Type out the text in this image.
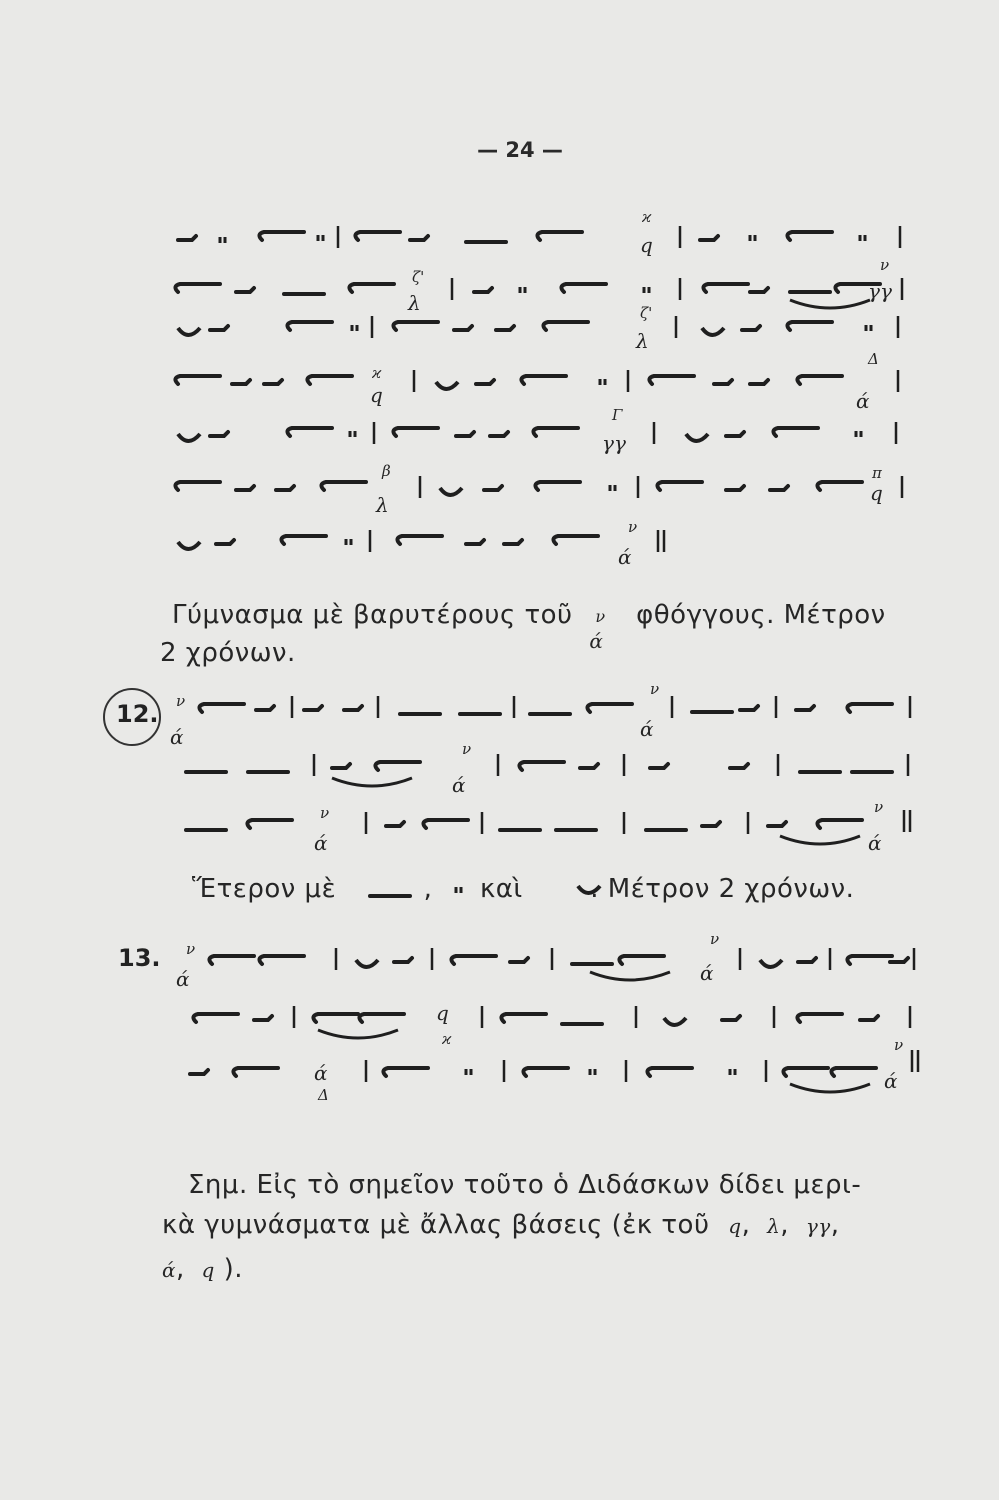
— 24 —
ϰ
q
ζ'
λ
ν
γγ
ζ'
λ
ϰ
q
Δ
ά
Γ
γγ
β
λ
π
q
ν
ά
ν
ά
ν
ά
ν
ά
ν
ά
ν
ά
ν
ά
ν
ά
q
ϰ
ά
Δ
ν
ά
Γύμνασμα μὲ βαρυτέρους τοῦ ν
ά
φθόγγους. Μέτρον
2 χρόνων.
12.
Ἕτερον μὲ	, καὶ	. Μέτρον 2 χρόνων.
13.
Σημ. Εἰς τὸ σημεῖον τοῦτο ὁ Διδάσκων δίδει μερι-
κὰ γυμνάσματα μὲ ἄλλας βάσεις (ἐκ τοῦ q, λ, γγ,
ά, q ).
